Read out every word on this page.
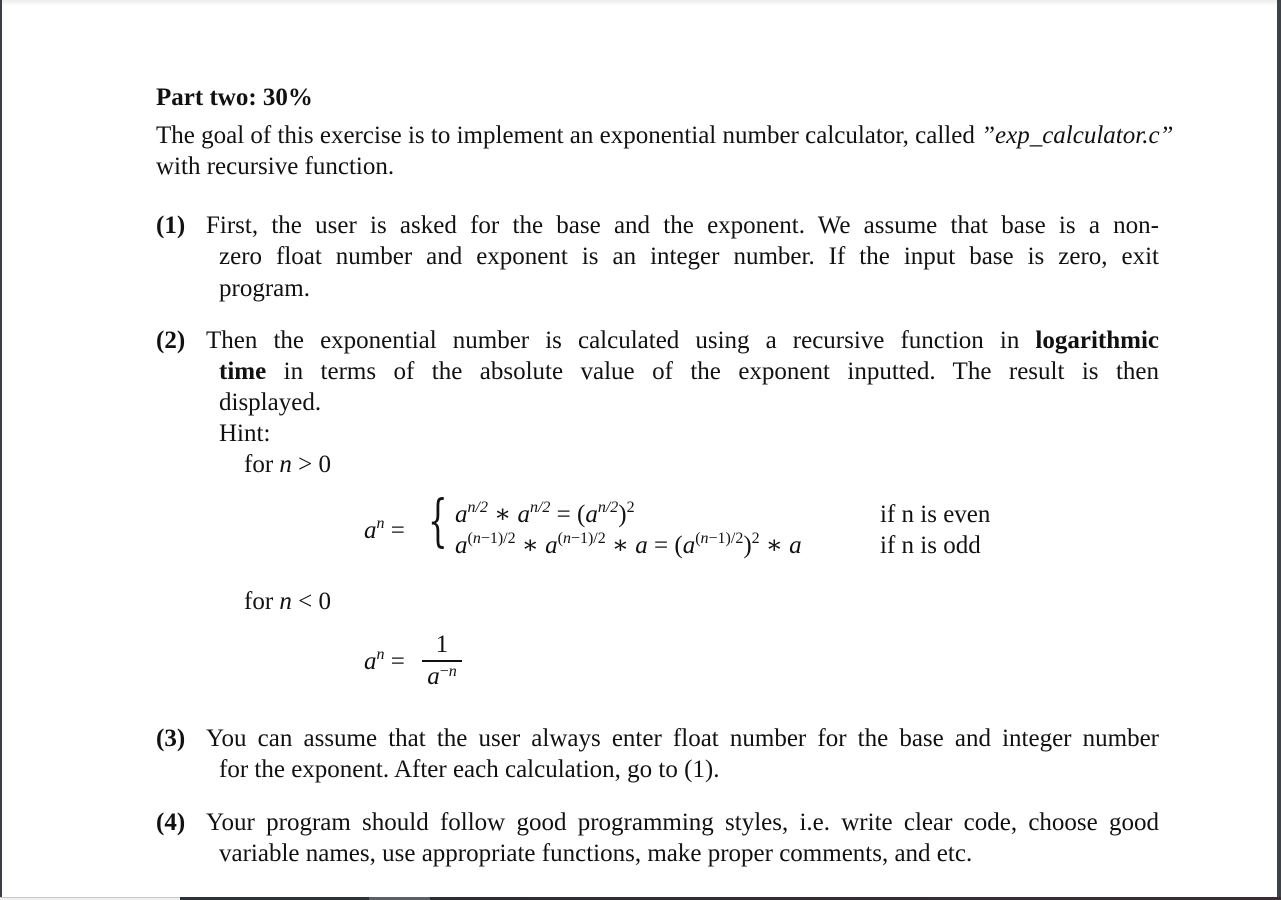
Part two: 30%
The goal of this exercise is to implement an exponential number calculator, called ”exp_calculator.c”
with recursive function.
(1) First, the user is asked for the base and the exponent. We assume that base is a non-
zero float number and exponent is an integer number. If the input base is zero, exit
program.
(2) Then the exponential number is calculated using a recursive function in logarithmic
time in terms of the absolute value of the exponent inputted. The result is then
displayed.
Hint:
for n > 0
$a^n$ = { $a^{n/2}$ ∗ $a^{n/2} = (a^{n/2})^2$	if n is even
$a^{(n-1)/2}$ ∗ $a^{(n-1)/2}$ ∗ $a = (a^{(n-1)/2})^2$ ∗ a	if n is odd
for n < 0
$a^n$ =
1
$a^{-n}$
(3) You can assume that the user always enter float number for the base and integer number
for the exponent. After each calculation, go to (1).
(4) Your program should follow good programming styles, i.e. write clear code, choose good
variable names, use appropriate functions, make proper comments, and etc.
